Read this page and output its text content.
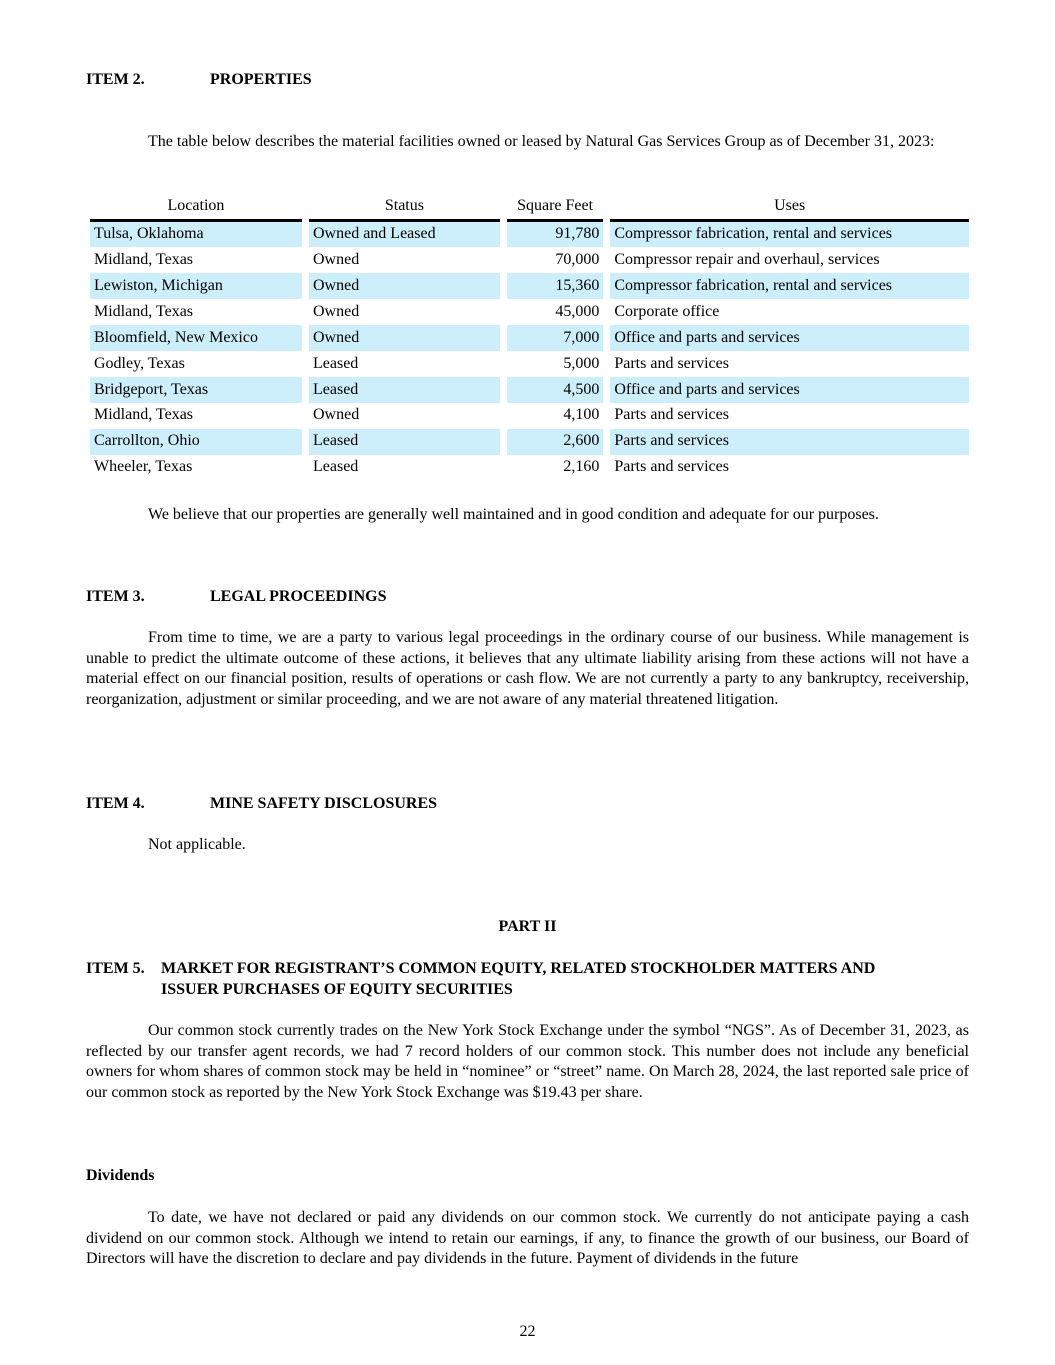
ITEM 2.	PROPERTIES
The table below describes the material facilities owned or leased by Natural Gas Services Group as of December 31, 2023:
Location		Status		Square Feet		Uses

Tulsa, Oklahoma		Owned and Leased		91,780		Compressor fabrication, rental and services
Midland, Texas		Owned		70,000		Compressor repair and overhaul, services
Lewiston, Michigan		Owned		15,360		Compressor fabrication, rental and services
Midland, Texas		Owned		45,000		Corporate office
Bloomfield, New Mexico		Owned		7,000		Office and parts and services
Godley, Texas		Leased		5,000		Parts and services
Bridgeport, Texas		Leased		4,500		Office and parts and services
Midland, Texas		Owned		4,100		Parts and services
Carrollton, Ohio		Leased		2,600		Parts and services
Wheeler, Texas		Leased		2,160		Parts and services
We believe that our properties are generally well maintained and in good condition and adequate for our purposes.
ITEM 3.	LEGAL PROCEEDINGS
From time to time, we are a party to various legal proceedings in the ordinary course of our business. While management is unable to predict the ultimate outcome of these actions, it believes that any ultimate liability arising from these actions will not have a material effect on our financial position, results of operations or cash flow. We are not currently a party to any bankruptcy, receivership, reorganization, adjustment or similar proceeding, and we are not aware of any material threatened litigation.
ITEM 4.	MINE SAFETY DISCLOSURES
Not applicable.
PART II
ITEM 5. MARKET FOR REGISTRANT’S COMMON EQUITY, RELATED STOCKHOLDER MATTERS AND
ISSUER PURCHASES OF EQUITY SECURITIES
Our common stock currently trades on the New York Stock Exchange under the symbol “NGS”. As of December 31, 2023, as reflected by our transfer agent records, we had 7 record holders of our common stock. This number does not include any beneficial owners for whom shares of common stock may be held in “nominee” or “street” name. On March 28, 2024, the last reported sale price of our common stock as reported by the New York Stock Exchange was $19.43 per share.
Dividends
To date, we have not declared or paid any dividends on our common stock. We currently do not anticipate paying a cash dividend on our common stock. Although we intend to retain our earnings, if any, to finance the growth of our business, our Board of Directors will have the discretion to declare and pay dividends in the future. Payment of dividends in the future
22
